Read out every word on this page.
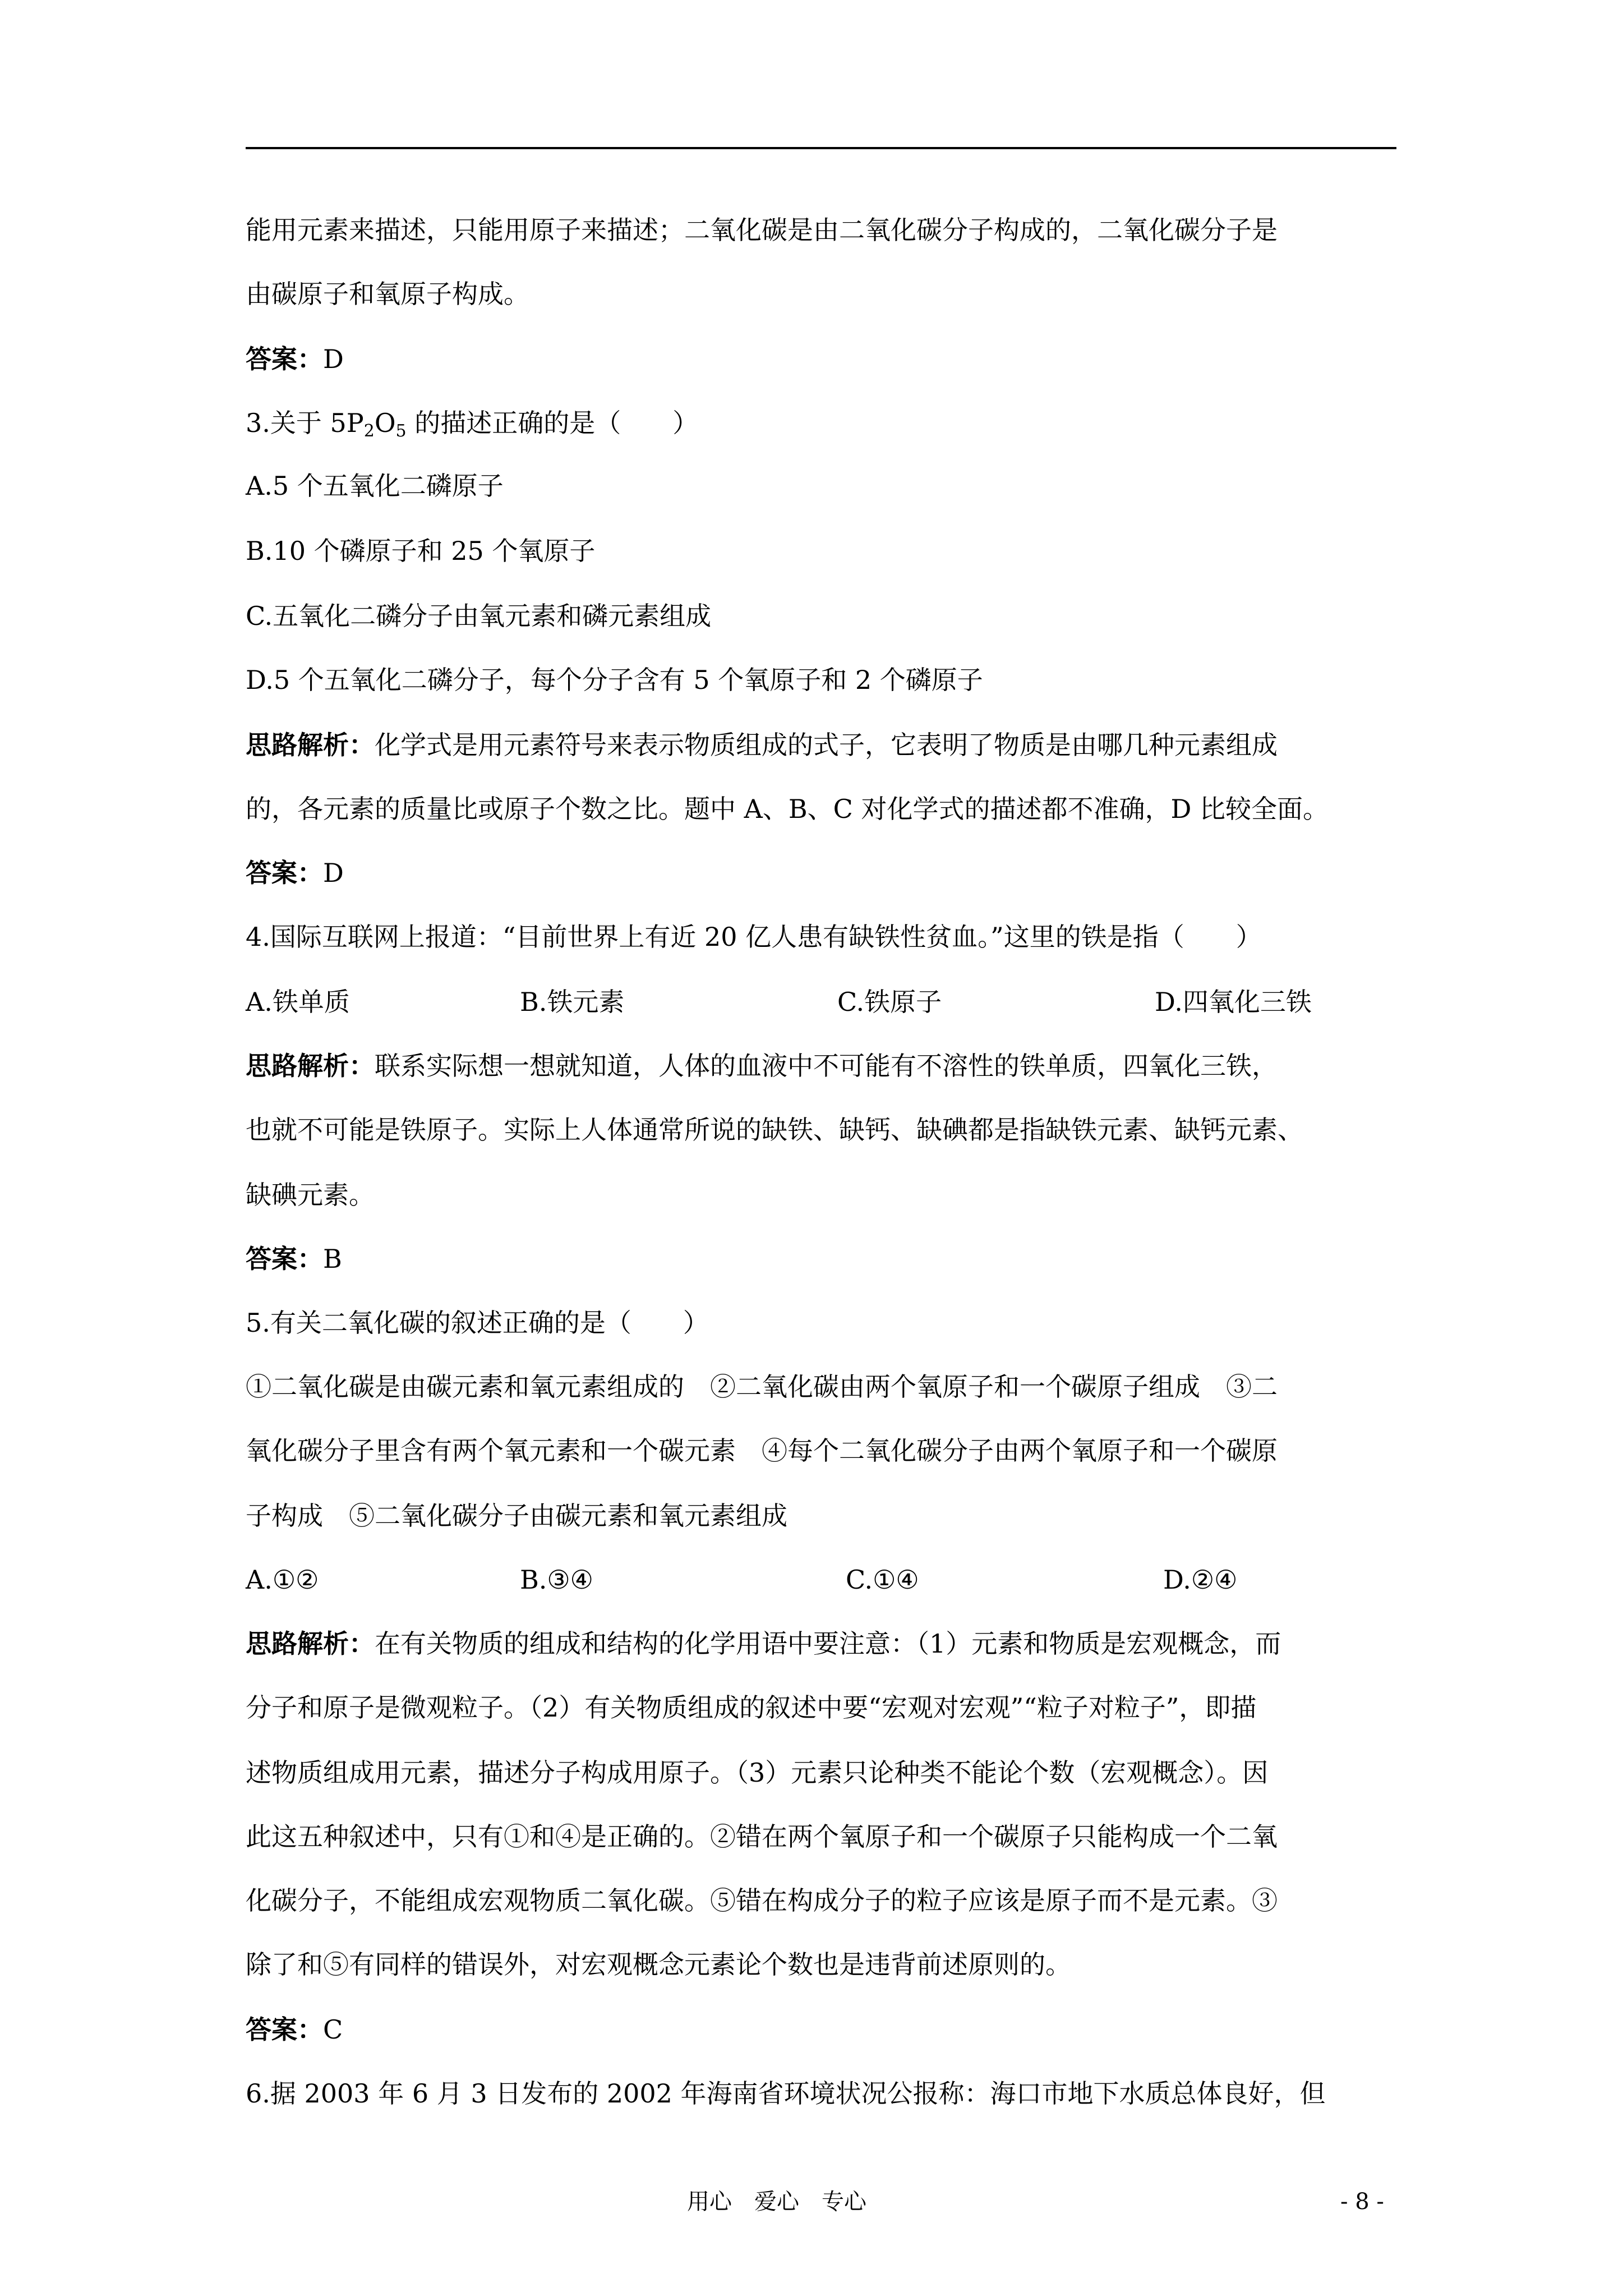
能用元素来描述，只能用原子来描述；二氧化碳是由二氧化碳分子构成的，二氧化碳分子是
由碳原子和氧原子构成。
答案：D
3.关于 $5P_2O_5$ 的描述正确的是（　　）
A.5 个五氧化二磷原子
B.10 个磷原子和 25 个氧原子
C.五氧化二磷分子由氧元素和磷元素组成
D.5 个五氧化二磷分子，每个分子含有 5 个氧原子和 2 个磷原子
思路解析：化学式是用元素符号来表示物质组成的式子，它表明了物质是由哪几种元素组成
的，各元素的质量比或原子个数之比。题中 A、B、C 对化学式的描述都不准确，D 比较全面。
答案：D
4.国际互联网上报道：“目前世界上有近 20 亿人患有缺铁性贫血。”这里的铁是指（　　）
A.铁单质	B.铁元素	C.铁原子	D.四氧化三铁
思路解析：联系实际想一想就知道，人体的血液中不可能有不溶性的铁单质，四氧化三铁，
也就不可能是铁原子。实际上人体通常所说的缺铁、缺钙、缺碘都是指缺铁元素、缺钙元素、
缺碘元素。
答案：B
5.有关二氧化碳的叙述正确的是（　　）
①二氧化碳是由碳元素和氧元素组成的　②二氧化碳由两个氧原子和一个碳原子组成　③二
氧化碳分子里含有两个氧元素和一个碳元素　④每个二氧化碳分子由两个氧原子和一个碳原
子构成　⑤二氧化碳分子由碳元素和氧元素组成
A.①②	B.③④	C.①④	D.②④
思路解析：在有关物质的组成和结构的化学用语中要注意：（1）元素和物质是宏观概念，而
分子和原子是微观粒子。（2）有关物质组成的叙述中要“宏观对宏观”“粒子对粒子”，即描
述物质组成用元素，描述分子构成用原子。（3）元素只论种类不能论个数（宏观概念）。因
此这五种叙述中，只有①和④是正确的。②错在两个氧原子和一个碳原子只能构成一个二氧
化碳分子，不能组成宏观物质二氧化碳。⑤错在构成分子的粒子应该是原子而不是元素。③
除了和⑤有同样的错误外，对宏观概念元素论个数也是违背前述原则的。
答案：C
6.据 2003 年 6 月 3 日发布的 2002 年海南省环境状况公报称：海口市地下水质总体良好，但
用心　爱心　专心	- 8 -
